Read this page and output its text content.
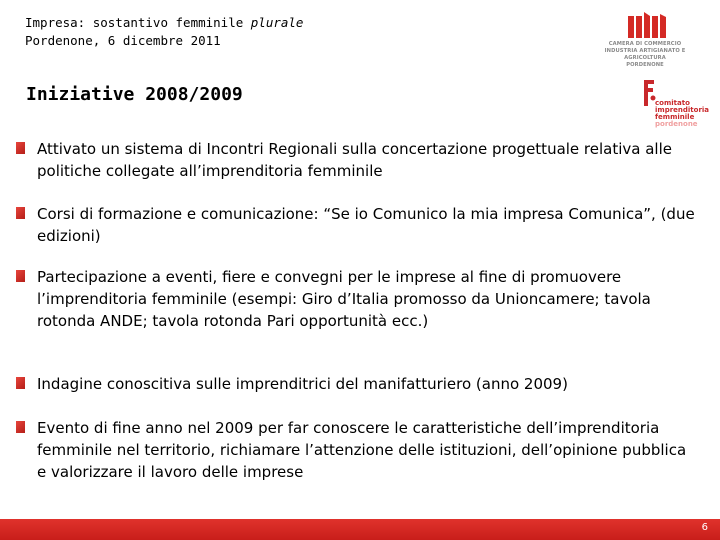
Impresa: sostantivo femminile plurale
Pordenone, 6 dicembre 2011	CAMERA DI COMMERCIO
INDUSTRIA ARTIGIANATO E AGRICOLTURA
PORDENONE
comitato
imprenditoria
femminile
pordenone
Iniziative 2008/2009

Attivato un sistema di Incontri Regionali sulla concertazione progettuale relativa alle politiche collegate all’imprenditoria femminile

Corsi di formazione e comunicazione: “Se io Comunico la mia impresa Comunica”, (due edizioni)

Partecipazione a eventi, fiere e convegni per le imprese al fine di promuovere l’imprenditoria femminile (esempi: Giro d’Italia promosso da Unioncamere; tavola rotonda ANDE; tavola rotonda Pari opportunità ecc.)

Indagine conoscitiva sulle imprenditrici del manifatturiero (anno 2009)

Evento di fine anno nel 2009 per far conoscere le caratteristiche dell’imprenditoria femminile nel territorio, richiamare l’attenzione delle istituzioni, dell’opinione pubblica e valorizzare il lavoro delle imprese

6
